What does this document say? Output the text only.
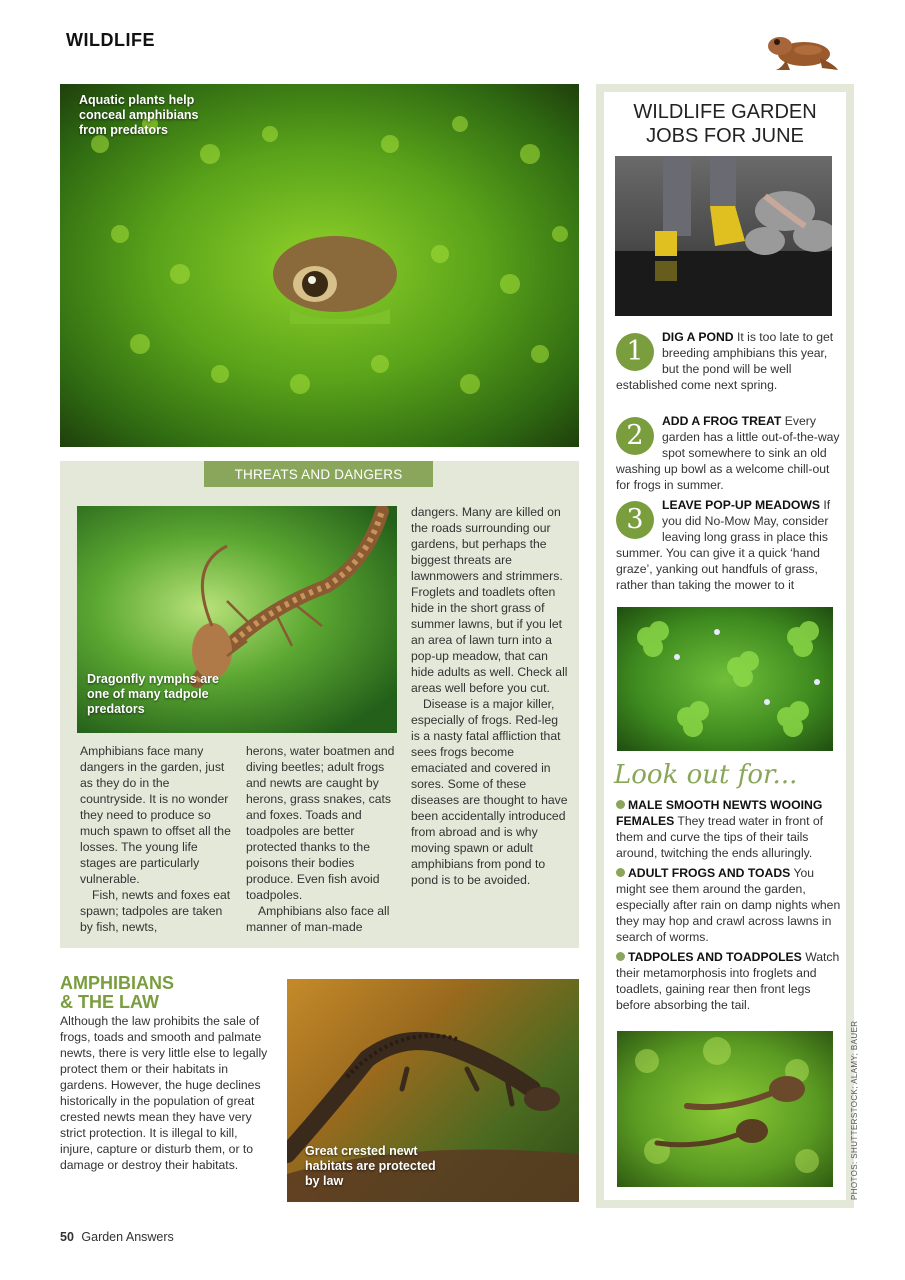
WILDLIFE
Aquatic plants help conceal amphibians from predators
THREATS AND DANGERS
Dragonfly nymphs are one of many tadpole predators

Amphibians face many dangers in the garden, just as they do in the countryside. It is no wonder they need to produce so much spawn to offset all the losses. The young life stages are particularly vulnerable.

Fish, newts and foxes eat spawn; tadpoles are taken by fish, newts,

herons, water boatmen and diving beetles; adult frogs and newts are caught by herons, grass snakes, cats and foxes. Toads and toadpoles are better protected thanks to the poisons their bodies produce. Even fish avoid toadpoles.

Amphibians also face all manner of man-made

dangers. Many are killed on the roads surrounding our gardens, but perhaps the biggest threats are lawnmowers and strimmers. Froglets and toadlets often hide in the short grass of summer lawns, but if you let an area of lawn turn into a pop-up meadow, that can hide adults as well. Check all areas well before you cut.

Disease is a major killer, especially of frogs. Red-leg is a nasty fatal affliction that sees frogs become emaciated and covered in sores. Some of these diseases are thought to have been accidentally introduced from abroad and is why moving spawn or adult amphibians from pond to pond is to be avoided.

AMPHIBIANS
& THE LAW
Although the law prohibits the sale of frogs, toads and smooth and palmate newts, there is very little else to legally protect them or their habitats in gardens. However, the huge declines historically in the population of great crested newts mean they have very strict protection. It is illegal to kill, injure, capture or disturb them, or to damage or destroy their habitats.
Great crested newt habitats are protected by law
50 Garden Answers
WILDLIFE GARDEN
JOBS FOR JUNE
1	DIG A POND It is too late to get breeding amphibians this year, but the pond will be well established come next spring.
2	ADD A FROG TREAT Every garden has a little out-of-the-way spot somewhere to sink an old washing up bowl as a welcome chill-out for frogs in summer.
3	LEAVE POP-UP MEADOWS If you did No-Mow May, consider leaving long grass in place this summer. You can give it a quick ‘hand graze’, yanking out handfuls of grass, rather than taking the mower to it
Look out for...
MALE SMOOTH NEWTS WOOING FEMALES They tread water in front of them and curve the tips of their tails around, twitching the ends alluringly.
ADULT FROGS AND TOADS You might see them around the garden, especially after rain on damp nights when they may hop and crawl across lawns in search of worms.
TADPOLES AND TOADPOLES Watch their metamorphosis into froglets and toadlets, gaining rear then front legs before absorbing the tail.
PHOTOS: SHUTTERSTOCK; ALAMY; BAUER
